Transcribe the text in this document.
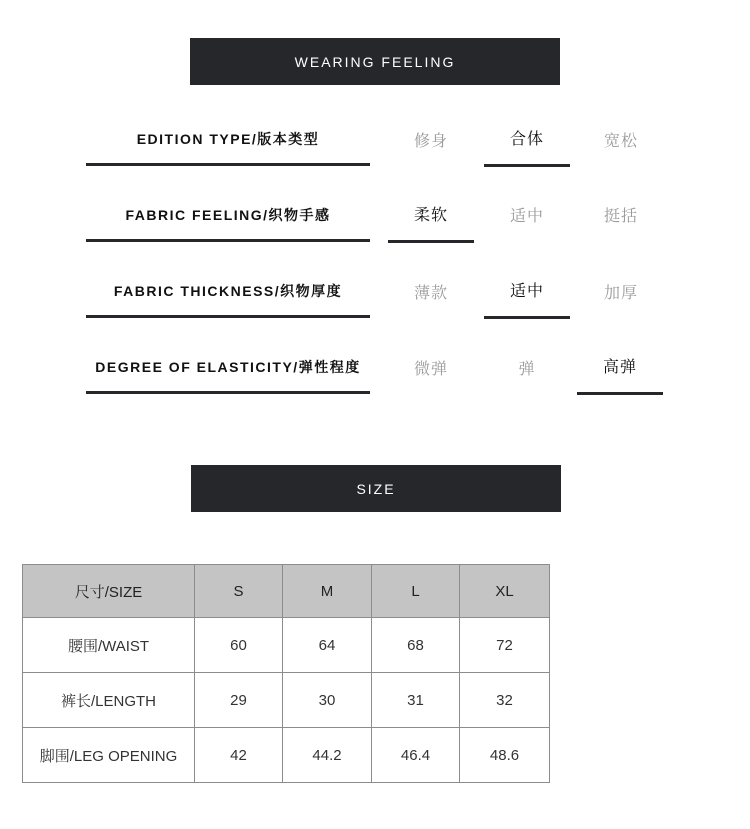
WEARING FEELING
EDITION TYPE/版本类型	修身	合体	宽松
FABRIC FEELING/织物手感	柔软	适中	挺括
FABRIC THICKNESS/织物厚度	薄款	适中	加厚
DEGREE OF ELASTICITY/弹性程度	微弹	弹	高弹
SIZE
尺寸/SIZE	S	M	L	XL
腰围/WAIST	60	64	68	72
裤长/LENGTH	29	30	31	32
脚围/LEG OPENING	42	44.2	46.4	48.6
